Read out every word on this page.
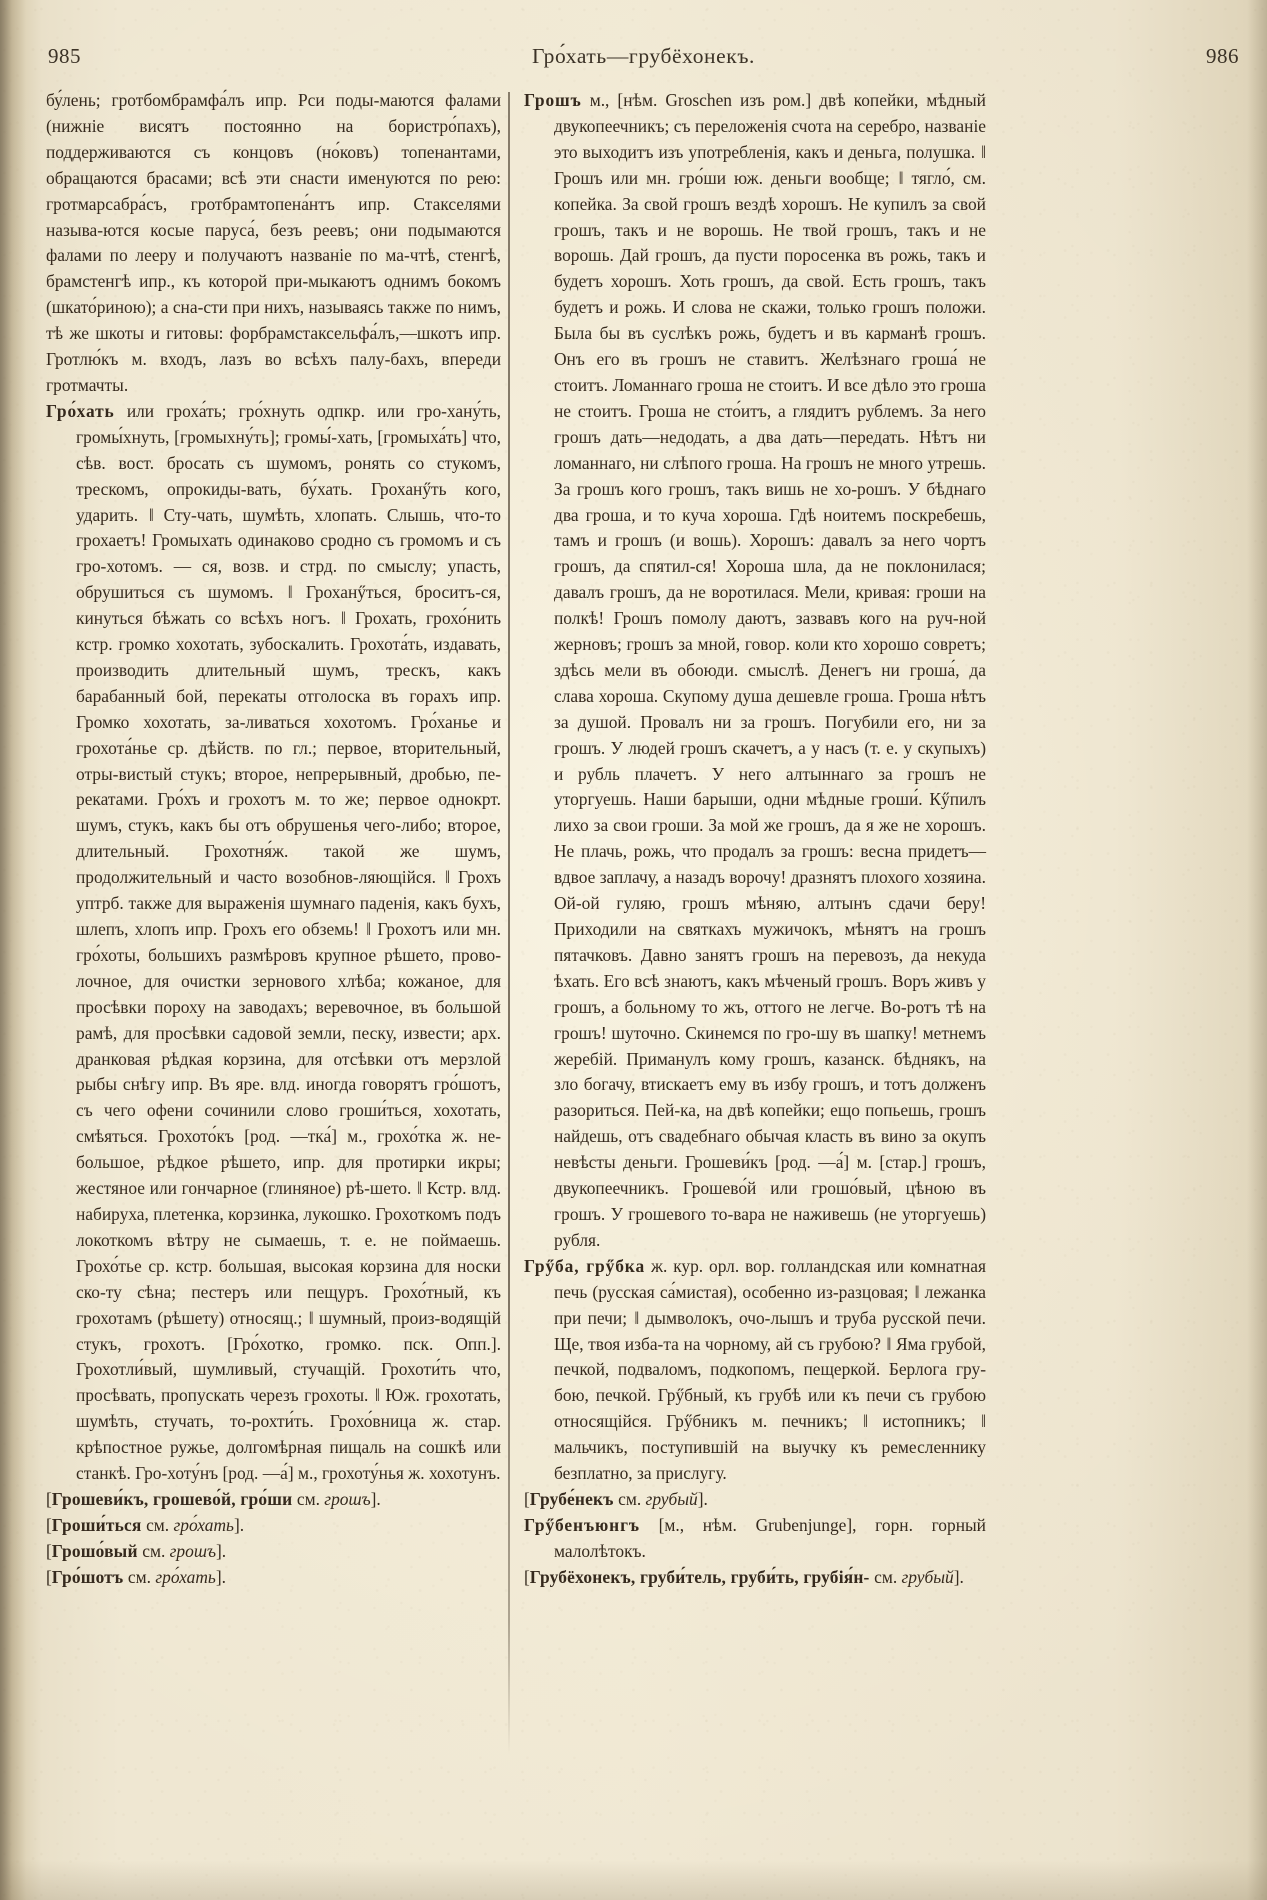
985	Гро́хать—грубёхонекъ.	986

бу́лень; гротбомбрамфа́лъ ипр. Рси поды-маются фалами (нижніе висятъ постоянно на бористро́пахъ), поддерживаются съ концовъ (но́ковъ) топенантами, обращаются брасами; всѣ эти снасти именуются по рею: гротмарсабра́съ, гротбрамтопена́нтъ ипр. Стакселями называ-ются косые паруса́, безъ реевъ; они подымаются фалами по лееру и получаютъ названіе по ма-чтѣ, стенгѣ, брамстенгѣ ипр., къ которой при-мыкаютъ однимъ бокомъ (шкато́риною); а сна-сти при нихъ, называясь также по нимъ, тѣ же шкоты и гитовы: форбрамстаксельфа́лъ,—шкотъ ипр. Гротлю́къ м. входъ, лазъ во всѣхъ палу-бахъ, впереди гротмачты.

Гро́хать или гроха́ть; гро́хнуть одпкр. или гро-хану́ть, громы́хнуть, [громыхну́ть]; громы́-хать, [громыха́ть] что, сѣв. вост. бросать съ шумомъ, ронять со стукомъ, трескомъ, опрокиды-вать, бу́хать. Гроханӳть кого, ударить. ‖ Сту-чать, шумѣть, хлопать. Слышь, что-то грохаетъ! Громыхать одинаково сродно съ громомъ и съ гро-хотомъ. — ся, возв. и стрд. по смыслу; упасть, обрушиться съ шумомъ. ‖ Гроханӳться, броситъ-ся, кинуться бѣжать со всѣхъ ногъ. ‖ Грохать, грохо́нить кстр. громко хохотать, зубоскалить. Грохота́ть, издавать, производить длительный шумъ, трескъ, какъ барабанный бой, перекаты отголоска въ горахъ ипр. Громко хохотать, за-ливаться хохотомъ. Гро́ханье и грохота́нье ср. дѣйств. по гл.; первое, вторительный, отры-вистый стукъ; второе, непрерывный, дробью, пе-рекатами. Гро́хъ и грохотъ м. то же; первое однокрт. шумъ, стукъ, какъ бы отъ обрушенья чего-либо; второе, длительный. Грохотня́ж. такой же шумъ, продолжительный и часто возобнов-ляющійся. ‖ Грохъ уптрб. также для выраженія шумнаго паденія, какъ бухъ, шлепъ, хлопъ ипр. Грохъ его обземь! ‖ Грохотъ или мн. гро́хоты, большихъ размѣровъ крупное рѣшето, прово-лочное, для очистки зернового хлѣба; кожаное, для просѣвки пороху на заводахъ; веревочное, въ большой рамѣ, для просѣвки садовой земли, песку, извести; арх. дранковая рѣдкая корзина, для отсѣвки отъ мерзлой рыбы снѣгу ипр. Въ яре. влд. иногда говорятъ гро́шотъ, съ чего офени сочинили слово гроши́ться, хохотать, смѣяться. Грохото́къ [род. —тка́] м., грохо́тка ж. не-большое, рѣдкое рѣшето, ипр. для протирки икры; жестяное или гончарное (глиняное) рѣ-шето. ‖ Кстр. влд. набируха, плетенка, корзинка, лукошко. Грохоткомъ подъ локоткомъ вѣтру не сымаешь, т. е. не поймаешь. Грохо́тье ср. кстр. большая, высокая корзина для носки ско-ту сѣна; пестеръ или пещуръ. Грохо́тный, къ грохотамъ (рѣшету) относящ.; ‖ шумный, произ-водящій стукъ, грохотъ. [Гро́хотко, громко. пск. Опп.]. Грохотли́вый, шумливый, стучащій. Грохоти́ть что, просѣвать, пропускать черезъ грохоты. ‖ Юж. грохотать, шумѣть, стучать, то-рохти́ть. Грохо́вница ж. стар. крѣпостное ружье, долгомѣрная пищаль на сошкѣ или станкѣ. Гро-хоту́нъ [род. —а́] м., грохоту́нья ж. хохотунъ.

[Грошеви́къ, грошево́й, гро́ши см. грошъ].

[Гроши́ться см. гро́хать].

[Грошо́вый см. грошъ].

[Гро́шотъ см. гро́хать].

Грошъ м., [нѣм. Groschen изъ ром.] двѣ копейки, мѣдный двукопеечникъ; съ переложенія счота на серебро, названіе это выходитъ изъ употребленія, какъ и деньга, полушка. ‖ Грошъ или мн. гро́ши юж. деньги вообще; ‖ тягло́, см. копейка. За свой грошъ вездѣ хорошъ. Не купилъ за свой грошъ, такъ и не ворошь. Не твой грошъ, такъ и не ворошь. Дай грошъ, да пусти поросенка въ рожь, такъ и будетъ хорошъ. Хоть грошъ, да свой. Есть грошъ, такъ будетъ и рожь. И слова не скажи, только грошъ положи. Была бы въ суслѣкъ рожь, будетъ и въ карманѣ грошъ. Онъ его въ грошъ не ставитъ. Желѣзнаго гроша́ не стоитъ. Ломаннаго гроша не стоитъ. И все дѣло это гроша не стоитъ. Гроша не сто́итъ, а глядитъ рублемъ. За него грошъ дать—недодать, а два дать—передать. Нѣтъ ни ломаннаго, ни слѣпого гроша. На грошъ не много утрешь. За грошъ кого грошъ, такъ вишь не хо-рошъ. У бѣднаго два гроша, и то куча хороша. Гдѣ ноитемъ поскребешь, тамъ и грошъ (и вошь). Хорошъ: давалъ за него чортъ грошъ, да спятил-ся! Хороша шла, да не поклонилася; давалъ грошъ, да не воротилася. Мели, кривая: гроши на полкѣ! Грошъ помолу даютъ, зазвавъ кого на руч-ной жерновъ; грошъ за мной, говор. коли кто хорошо совретъ; здѣсь мели въ обоюди. смыслѣ. Денегъ ни гроша́, да слава хороша. Скупому душа дешевле гроша. Гроша нѣтъ за душой. Провалъ ни за грошъ. Погубили его, ни за грошъ. У людей грошъ скачетъ, а у насъ (т. е. у скупыхъ) и рубль плачетъ. У него алтыннаго за грошъ не уторгуешь. Наши барыши, одни мѣдные гроши́. Кӳпилъ лихо за свои гроши. За мой же грошъ, да я же не хорошъ. Не плачь, рожь, что продалъ за грошъ: весна придетъ—вдвое заплачу, а назадъ ворочу! дразнятъ плохого хозяина. Ой-ой гуляю, грошъ мѣняю, алтынъ сдачи беру! Приходили на святкахъ мужичокъ, мѣнятъ на грошъ пятачковъ. Давно занятъ грошъ на перевозъ, да некуда ѣхать. Его всѣ знаютъ, какъ мѣченый грошъ. Воръ живъ у грошъ, а больному то жъ, оттого не легче. Во-ротъ тѣ на грошъ! шуточно. Скинемся по гро-шу въ шапку! метнемъ жеребій. Приманулъ кому грошъ, казанск. бѣднякъ, на зло богачу, втискаетъ ему въ избу грошъ, и тотъ долженъ разориться. Пей-ка, на двѣ копейки; ещо попьешь, грошъ найдешь, отъ свадебнаго обычая класть въ вино за окупъ невѣсты деньги. Грошеви́къ [род. —а́] м. [стар.] грошъ, двукопеечникъ. Грошево́й или грошо́вый, цѣною въ грошъ. У грошевого то-вара не наживешь (не уторгуешь) рубля.

Грӳба, грӳбка ж. кур. орл. вор. голландская или комнатная печь (русская са́мистая), особенно из-разцовая; ‖ лежанка при печи; ‖ дымволокъ, очо-лышъ и труба русской печи. Ще, твоя изба-та на чорному, ай съ грубою? ‖ Яма грубой, печкой, подваломъ, подкопомъ, пещеркой. Берлога гру-бою, печкой. Грӳбный, къ грубѣ или къ печи съ грубою относящійся. Грӳбникъ м. печникъ; ‖ истопникъ; ‖ мальчикъ, поступившій на выучку къ ремесленнику безплатно, за прислугу.

[Грубе́некъ см. грубый].

Грӳбенъюнгъ [м., нѣм. Grubenjunge], горн. горный малолѣтокъ.

[Грубёхонекъ, груби́тель, груби́ть, грубія́н- см. грубый].
